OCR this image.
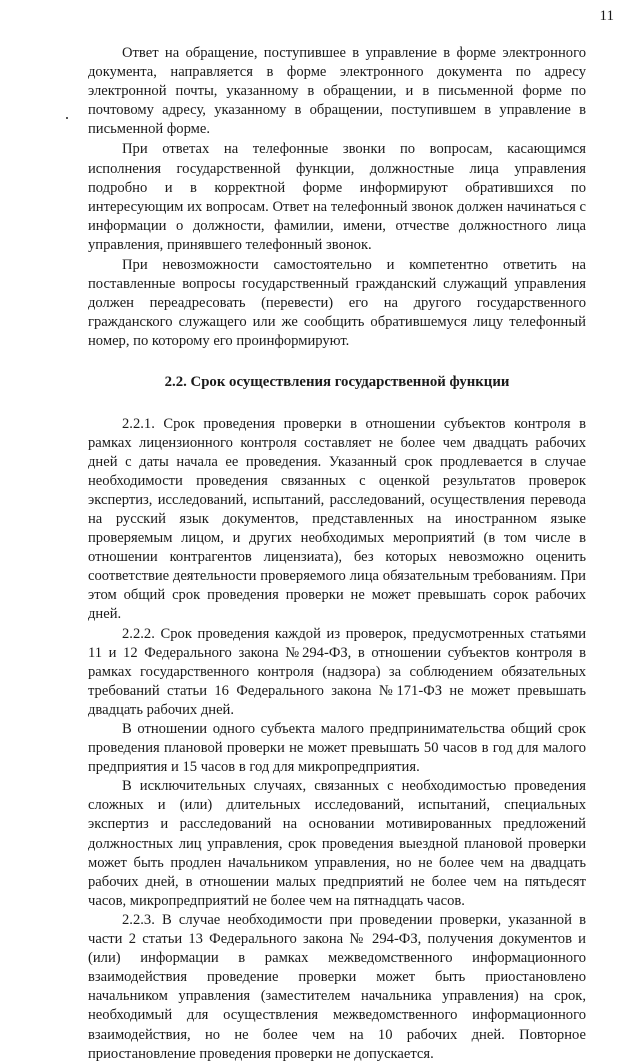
11

Ответ на обращение, поступившее в управление в форме электронного документа, направляется в форме электронного документа по адресу электронной почты, указанному в обращении, и в письменной форме по почтовому адресу, указанному в обращении, поступившем в управление в письменной форме.

При ответах на телефонные звонки по вопросам, касающимся исполнения государственной функции, должностные лица управления подробно и в корректной форме информируют обратившихся по интересующим их вопросам. Ответ на телефонный звонок должен начинаться с информации о должности, фамилии, имени, отчестве должностного лица управления, принявшего телефонный звонок.

При невозможности самостоятельно и компетентно ответить на поставленные вопросы государственный гражданский служащий управления должен переадресовать (перевести) его на другого государственного гражданского служащего или же сообщить обратившемуся лицу телефонный номер, по которому его проинформируют.

2.2. Срок осуществления государственной функции

2.2.1. Срок проведения проверки в отношении субъектов контроля в рамках лицензионного контроля составляет не более чем двадцать рабочих дней с даты начала ее проведения. Указанный срок продлевается в случае необходимости проведения связанных с оценкой результатов проверок экспертиз, исследований, испытаний, расследований, осуществления перевода на русский язык документов, представленных на иностранном языке проверяемым лицом, и других необходимых мероприятий (в том числе в отношении контрагентов лицензиата), без которых невозможно оценить соответствие деятельности проверяемого лица обязательным требованиям. При этом общий срок проведения проверки не может превышать сорок рабочих дней.

2.2.2. Срок проведения каждой из проверок, предусмотренных статьями 11 и 12 Федерального закона №294-ФЗ, в отношении субъектов контроля в рамках государственного контроля (надзора) за соблюдением обязательных требований статьи 16 Федерального закона №171-ФЗ не может превышать двадцать рабочих дней.

В отношении одного субъекта малого предпринимательства общий срок проведения плановой проверки не может превышать 50 часов в год для малого предприятия и 15 часов в год для микропредприятия.

В исключительных случаях, связанных с необходимостью проведения сложных и (или) длительных исследований, испытаний, специальных экспертиз и расследований на основании мотивированных предложений должностных лиц управления, срок проведения выездной плановой проверки может быть продлен начальником управления, но не более чем на двадцать рабочих дней, в отношении малых предприятий не более чем на пятьдесят часов, микропредприятий не более чем на пятнадцать часов.

2.2.3. В случае необходимости при проведении проверки, указанной в части 2 статьи 13 Федерального закона № 294-ФЗ, получения документов и (или) информации в рамках межведомственного информационного взаимодействия проведение проверки может быть приостановлено начальником управления (заместителем начальника управления) на срок, необходимый для осуществления межведомственного информационного взаимодействия, но не более чем на 10 рабочих дней. Повторное приостановление проведения проверки не допускается.
